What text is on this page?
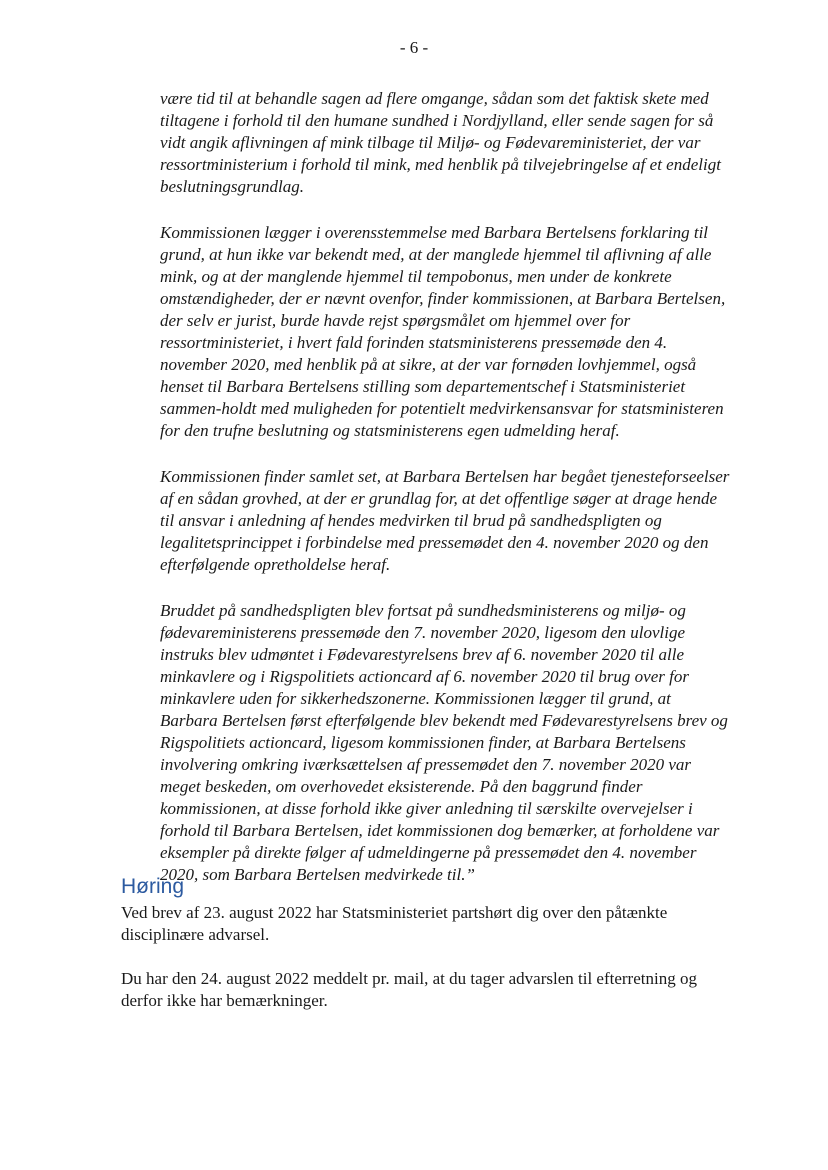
- 6 -

være tid til at behandle sagen ad flere omgange, sådan som det faktisk skete med tiltagene i forhold til den humane sundhed i Nordjylland, eller sende sagen for så vidt angik aflivningen af mink tilbage til Miljø- og Fødevareministeriet, der var ressortministerium i forhold til mink, med henblik på tilvejebringelse af et endeligt beslutningsgrundlag.

Kommissionen lægger i overensstemmelse med Barbara Bertelsens forklaring til grund, at hun ikke var bekendt med, at der manglede hjemmel til aflivning af alle mink, og at der manglende hjemmel til tempobonus, men under de konkrete omstændigheder, der er nævnt ovenfor, finder kommissionen, at Barbara Bertelsen, der selv er jurist, burde havde rejst spørgsmålet om hjemmel over for ressortministeriet, i hvert fald forinden statsministerens pressemøde den 4. november 2020, med henblik på at sikre, at der var fornøden lovhjemmel, også henset til Barbara Bertelsens stilling som departementschef i Statsministeriet sammen-holdt med muligheden for potentielt medvirkensansvar for statsministeren for den trufne beslutning og statsministerens egen udmelding heraf.

Kommissionen finder samlet set, at Barbara Bertelsen har begået tjenesteforseelser af en sådan grovhed, at der er grundlag for, at det offentlige søger at drage hende til ansvar i anledning af hendes medvirken til brud på sandhedspligten og legalitetsprincippet i forbindelse med pressemødet den 4. november 2020 og den efterfølgende opretholdelse heraf.

Bruddet på sandhedspligten blev fortsat på sundhedsministerens og miljø- og fødevareministerens pressemøde den 7. november 2020, ligesom den ulovlige instruks blev udmøntet i Fødevarestyrelsens brev af 6. november 2020 til alle minkavlere og i Rigspolitiets actioncard af 6. november 2020 til brug over for minkavlere uden for sikkerhedszonerne. Kommissionen lægger til grund, at Barbara Bertelsen først efterfølgende blev bekendt med Fødevarestyrelsens brev og Rigspolitiets actioncard, ligesom kommissionen finder, at Barbara Bertelsens involvering omkring iværksættelsen af pressemødet den 7. november 2020 var meget beskeden, om overhovedet eksisterende. På den baggrund finder kommissionen, at disse forhold ikke giver anledning til særskilte overvejelser i forhold til Barbara Bertelsen, idet kommissionen dog bemærker, at forholdene var eksempler på direkte følger af udmeldingerne på pressemødet den 4. november 2020, som Barbara Bertelsen medvirkede til.”

Høring

Ved brev af 23. august 2022 har Statsministeriet partshørt dig over den påtænkte disciplinære advarsel.

Du har den 24. august 2022 meddelt pr. mail, at du tager advarslen til efterretning og derfor ikke har bemærkninger.
